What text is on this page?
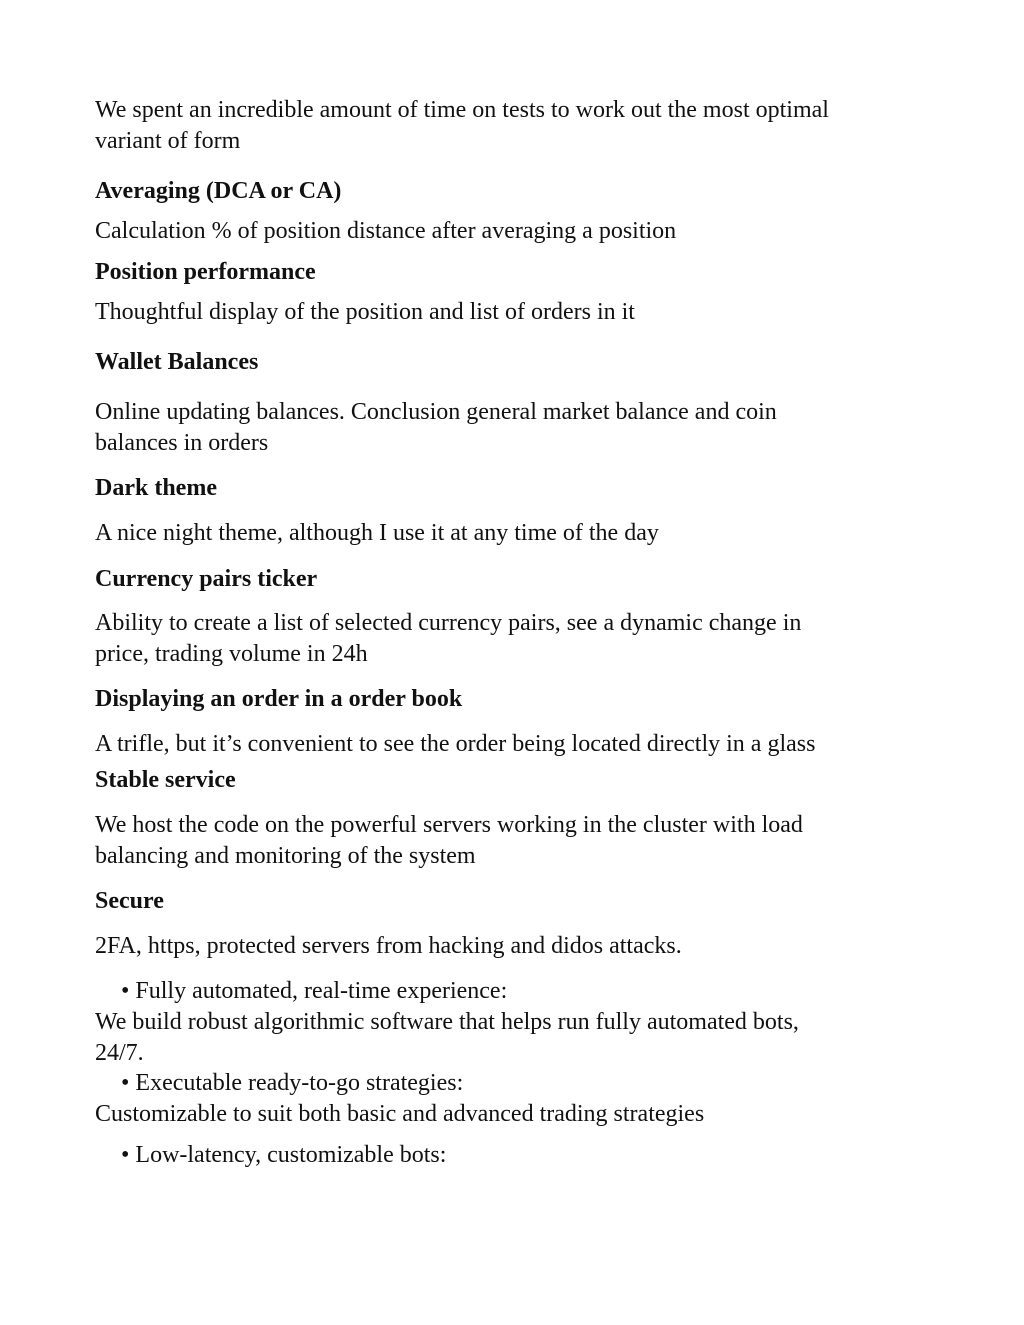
We spent an incredible amount of time on tests to work out the most optimal

variant of form

Averaging (DCA or CA)

Calculation % of position distance after averaging a position

Position performance

Thoughtful display of the position and list of orders in it

Wallet Balances

Online updating balances. Conclusion general market balance and coin

balances in orders

Dark theme

A nice night theme, although I use it at any time of the day

Currency pairs ticker

Ability to create a list of selected currency pairs, see a dynamic change in

price, trading volume in 24h

Displaying an order in a order book

A trifle, but it’s convenient to see the order being located directly in a glass

Stable service

We host the code on the powerful servers working in the cluster with load

balancing and monitoring of the system

Secure

2FA, https, protected servers from hacking and didos attacks.

• Fully automated, real-time experience:

We build robust algorithmic software that helps run fully automated bots,

24/7.

• Executable ready-to-go strategies:

Customizable to suit both basic and advanced trading strategies

• Low-latency, customizable bots:
